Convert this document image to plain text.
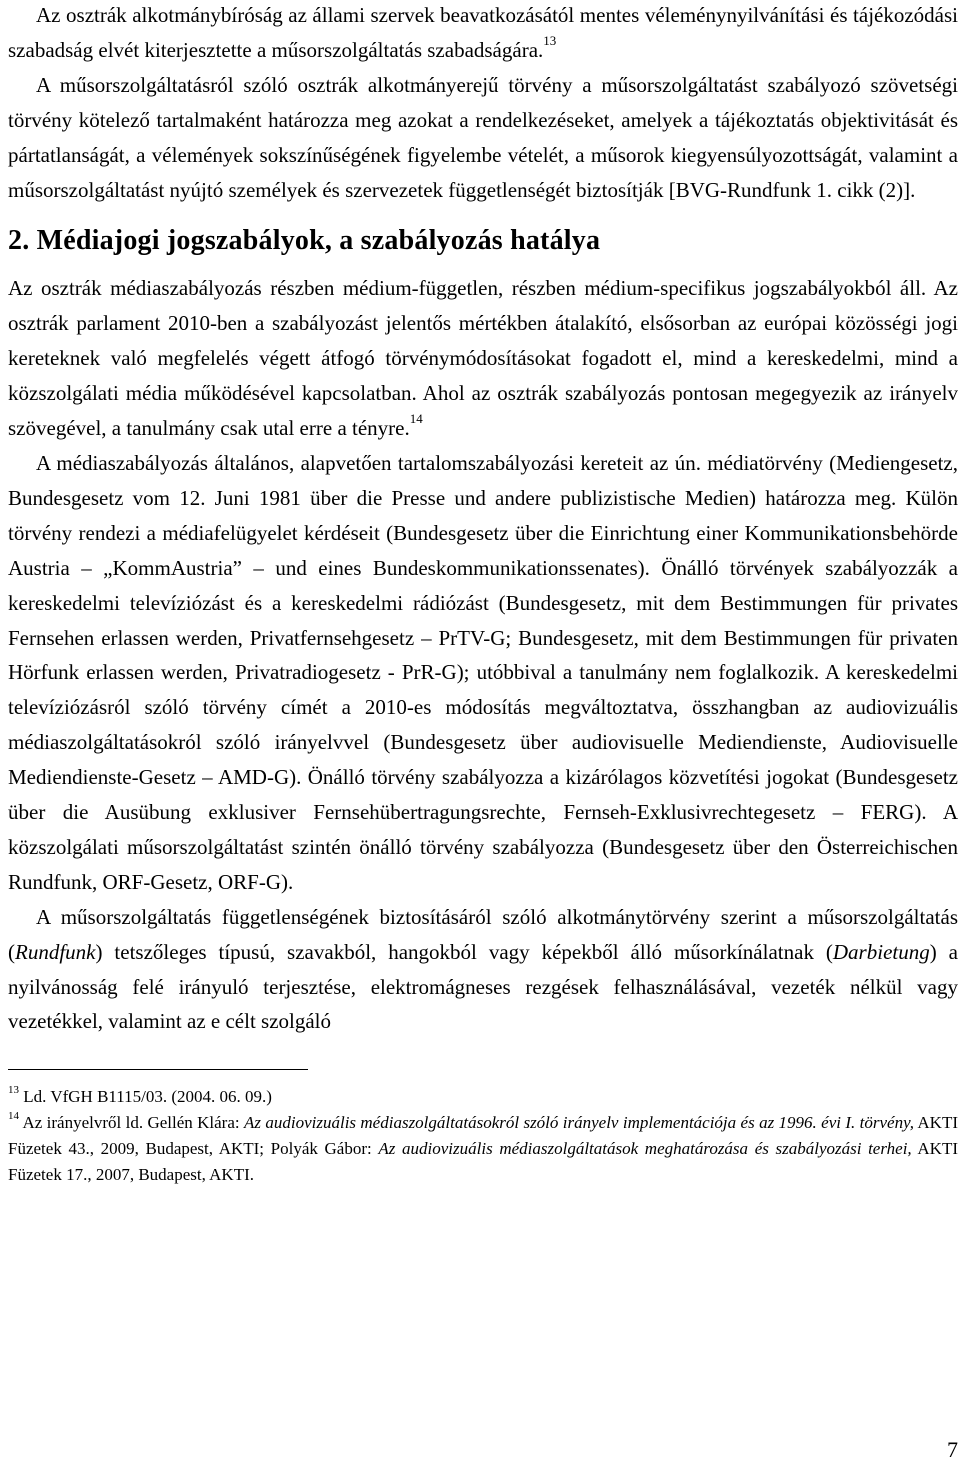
Az osztrák alkotmánybíróság az állami szervek beavatkozásától mentes véleménynyilvánítási és tájékozódási szabadság elvét kiterjesztette a műsorszolgáltatás szabadságára.$^{13}$

A műsorszolgáltatásról szóló osztrák alkotmányerejű törvény a műsorszolgáltatást szabályozó szövetségi törvény kötelező tartalmaként határozza meg azokat a rendelkezéseket, amelyek a tájékoztatás objektivitását és pártatlanságát, a vélemények sokszínűségének figyelembe vételét, a műsorok kiegyensúlyozottságát, valamint a műsorszolgáltatást nyújtó személyek és szervezetek függetlenségét biztosítják [BVG-Rundfunk 1. cikk (2)].

2. Médiajogi jogszabályok, a szabályozás hatálya

Az osztrák médiaszabályozás részben médium-független, részben médium-specifikus jogszabályokból áll. Az osztrák parlament 2010-ben a szabályozást jelentős mértékben átalakító, elsősorban az európai közösségi jogi kereteknek való megfelelés végett átfogó törvénymódosításokat fogadott el, mind a kereskedelmi, mind a közszolgálati média működésével kapcsolatban. Ahol az osztrák szabályozás pontosan megegyezik az irányelv szövegével, a tanulmány csak utal erre a tényre.$^{14}$

A médiaszabályozás általános, alapvetően tartalomszabályozási kereteit az ún. médiatörvény (Mediengesetz, Bundesgesetz vom 12. Juni 1981 über die Presse und andere publizistische Medien) határozza meg. Külön törvény rendezi a médiafelügyelet kérdéseit (Bundesgesetz über die Einrichtung einer Kommunikationsbehörde Austria – „KommAustria” – und eines Bundeskommunikationssenates). Önálló törvények szabályozzák a kereskedelmi televíziózást és a kereskedelmi rádiózást (Bundesgesetz, mit dem Bestimmungen für privates Fernsehen erlassen werden, Privatfernsehgesetz – PrTV-G; Bundesgesetz, mit dem Bestimmungen für privaten Hörfunk erlassen werden, Privatradiogesetz - PrR-G); utóbbival a tanulmány nem foglalkozik. A kereskedelmi televíziózásról szóló törvény címét a 2010-es módosítás megváltoztatva, összhangban az audiovizuális médiaszolgáltatásokról szóló irányelvvel (Bundesgesetz über audiovisuelle Mediendienste, Audiovisuelle Mediendienste-Gesetz – AMD-G). Önálló törvény szabályozza a kizárólagos közvetítési jogokat (Bundesgesetz über die Ausübung exklusiver Fernsehübertragungsrechte, Fernseh-Exklusivrechtegesetz – FERG). A közszolgálati műsorszolgáltatást szintén önálló törvény szabályozza (Bundesgesetz über den Österreichischen Rundfunk, ORF-Gesetz, ORF-G).

A műsorszolgáltatás függetlenségének biztosításáról szóló alkotmánytörvény szerint a műsorszolgáltatás (Rundfunk) tetszőleges típusú, szavakból, hangokból vagy képekből álló műsorkínálatnak (Darbietung) a nyilvánosság felé irányuló terjesztése, elektromágneses rezgések felhasználásával, vezeték nélkül vagy vezetékkel, valamint az e célt szolgáló

$^{13}$ Ld. VfGH B1115/03. (2004. 06. 09.)

$^{14}$ Az irányelvről ld. Gellén Klára: Az audiovizuális médiaszolgáltatásokról szóló irányelv implementációja és az 1996. évi I. törvény, AKTI Füzetek 43., 2009, Budapest, AKTI; Polyák Gábor: Az audiovizuális médiaszolgáltatások meghatározása és szabályozási terhei, AKTI Füzetek 17., 2007, Budapest, AKTI.

7
